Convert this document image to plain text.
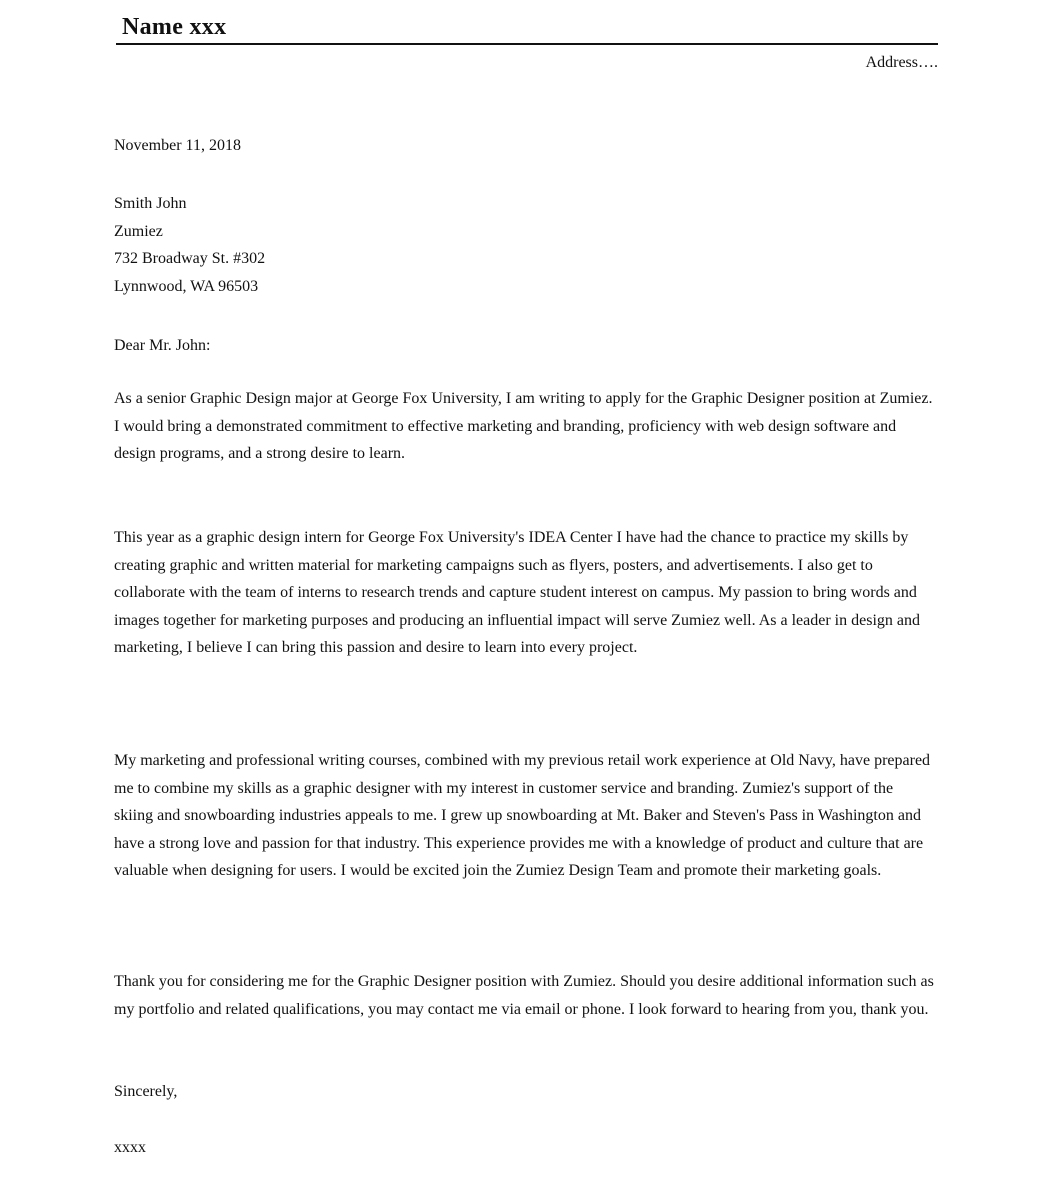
Name xxx
Address….

November 11, 2018

Smith John
Zumiez
732 Broadway St. #302
Lynnwood, WA 96503

Dear Mr. John:

As a senior Graphic Design major at George Fox University, I am writing to apply for the Graphic Designer position at Zumiez. I would bring a demonstrated commitment to effective marketing and branding, proficiency with web design software and design programs, and a strong desire to learn.

This year as a graphic design intern for George Fox University's IDEA Center I have had the chance to practice my skills by creating graphic and written material for marketing campaigns such as flyers, posters, and advertisements. I also get to collaborate with the team of interns to research trends and capture student interest on campus. My passion to bring words and images together for marketing purposes and producing an influential impact will serve Zumiez well. As a leader in design and marketing, I believe I can bring this passion and desire to learn into every project.

My marketing and professional writing courses, combined with my previous retail work experience at Old Navy, have prepared me to combine my skills as a graphic designer with my interest in customer service and branding. Zumiez's support of the skiing and snowboarding industries appeals to me. I grew up snowboarding at Mt. Baker and Steven's Pass in Washington and have a strong love and passion for that industry. This experience provides me with a knowledge of product and culture that are valuable when designing for users. I would be excited join the Zumiez Design Team and promote their marketing goals.

Thank you for considering me for the Graphic Designer position with Zumiez. Should you desire additional information such as my portfolio and related qualifications, you may contact me via email or phone. I look forward to hearing from you, thank you.

Sincerely,

xxxx
